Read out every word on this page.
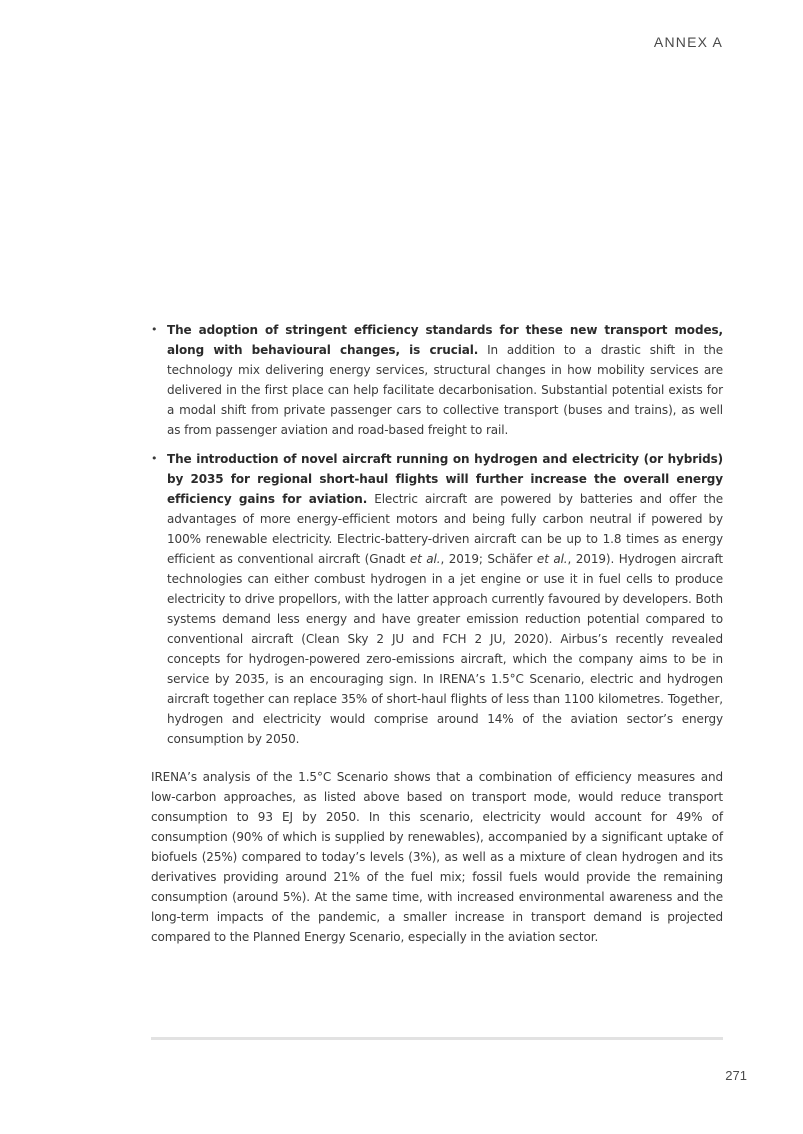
ANNEX A
• The adoption of stringent efficiency standards for these new transport modes, along with behavioural changes, is crucial. In addition to a drastic shift in the technology mix delivering energy services, structural changes in how mobility services are delivered in the first place can help facilitate decarbonisation. Substantial potential exists for a modal shift from private passenger cars to collective transport (buses and trains), as well as from passenger aviation and road-based freight to rail.
• The introduction of novel aircraft running on hydrogen and electricity (or hybrids) by 2035 for regional short-haul flights will further increase the overall energy efficiency gains for aviation. Electric aircraft are powered by batteries and offer the advantages of more energy-efficient motors and being fully carbon neutral if powered by 100% renewable electricity. Electric-battery-driven aircraft can be up to 1.8 times as energy efficient as conventional aircraft (Gnadt et al., 2019; Schäfer et al., 2019). Hydrogen aircraft technologies can either combust hydrogen in a jet engine or use it in fuel cells to produce electricity to drive propellors, with the latter approach currently favoured by developers. Both systems demand less energy and have greater emission reduction potential compared to conventional aircraft (Clean Sky 2 JU and FCH 2 JU, 2020). Airbus’s recently revealed concepts for hydrogen-powered zero-emissions aircraft, which the company aims to be in service by 2035, is an encouraging sign. In IRENA’s 1.5°C Scenario, electric and hydrogen aircraft together can replace 35% of short-haul flights of less than 1100 kilometres. Together, hydrogen and electricity would comprise around 14% of the aviation sector’s energy consumption by 2050.

IRENA’s analysis of the 1.5°C Scenario shows that a combination of efficiency measures and low-carbon approaches, as listed above based on transport mode, would reduce transport consumption to 93 EJ by 2050. In this scenario, electricity would account for 49% of consumption (90% of which is supplied by renewables), accompanied by a significant uptake of biofuels (25%) compared to today’s levels (3%), as well as a mixture of clean hydrogen and its derivatives providing around 21% of the fuel mix; fossil fuels would provide the remaining consumption (around 5%). At the same time, with increased environmental awareness and the long-term impacts of the pandemic, a smaller increase in transport demand is projected compared to the Planned Energy Scenario, especially in the aviation sector.

271
